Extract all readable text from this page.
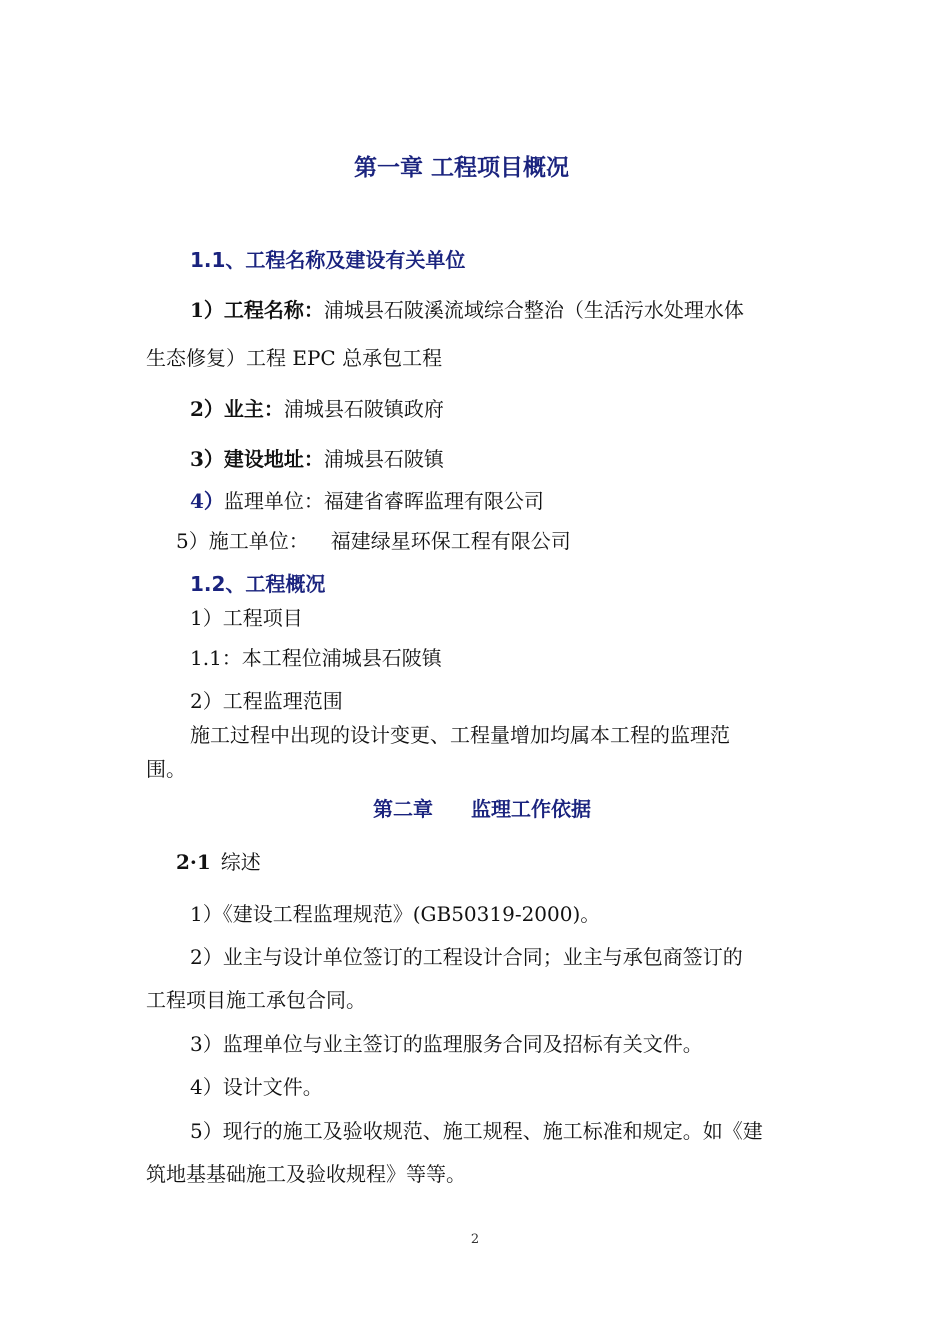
第一章 工程项目概况
1.1、工程名称及建设有关单位
1）工程名称：浦城县石陂溪流域综合整治（生活污水处理水体
生态修复）工程 EPC 总承包工程
2）业主：浦城县石陂镇政府
3）建设地址：浦城县石陂镇
4）监理单位：福建省睿晖监理有限公司
5）施工单位： 福建绿星环保工程有限公司
1.2、工程概况
1）工程项目
1.1：本工程位浦城县石陂镇
2）工程监理范围
施工过程中出现的设计变更、工程量增加均属本工程的监理范
围。
第二章 监理工作依据
2·1 综述
1）《建设工程监理规范》(GB50319-2000)。
2）业主与设计单位签订的工程设计合同；业主与承包商签订的
工程项目施工承包合同。
3）监理单位与业主签订的监理服务合同及招标有关文件。
4）设计文件。
5）现行的施工及验收规范、施工规程、施工标准和规定。如《建
筑地基基础施工及验收规程》等等。
2
